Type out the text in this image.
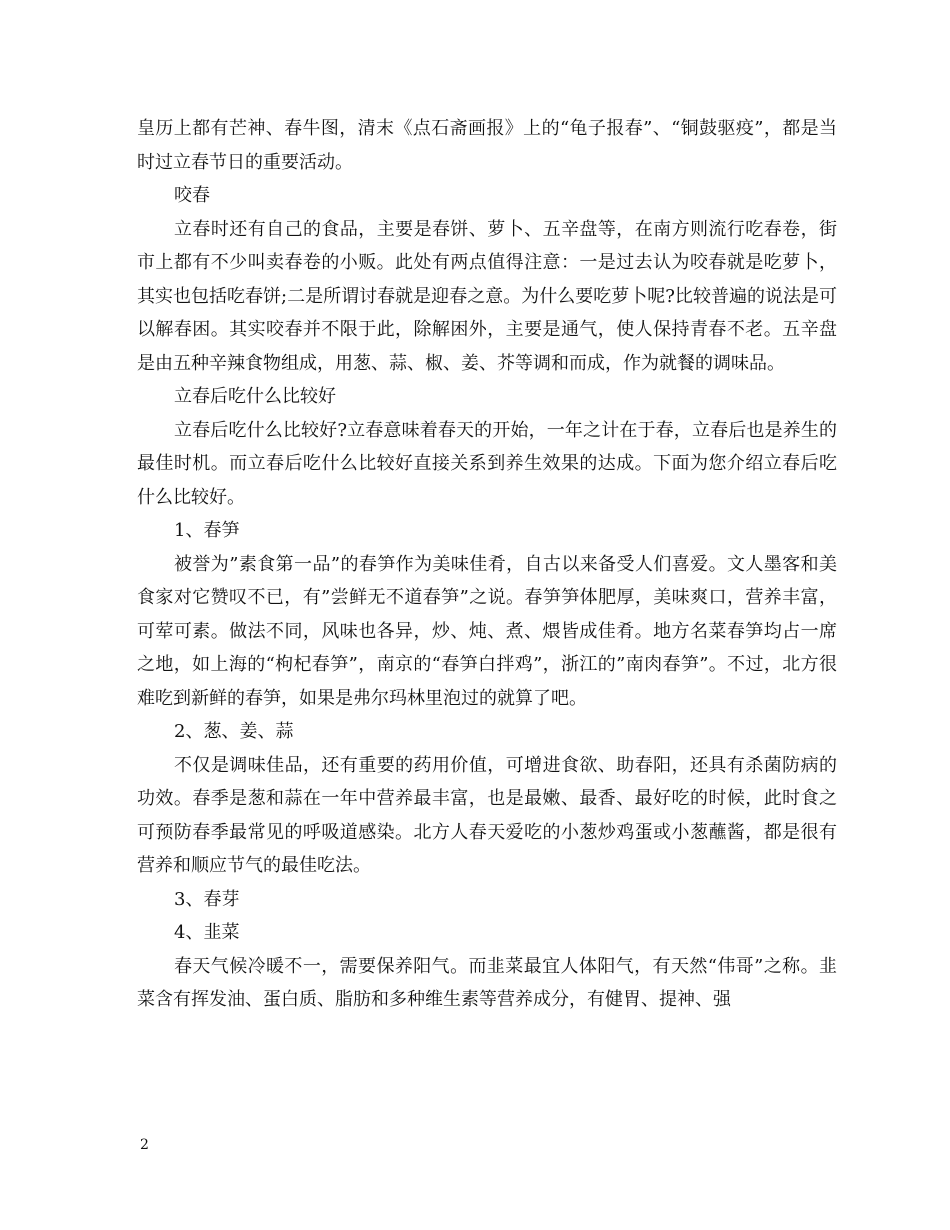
皇历上都有芒神、春牛图，清末《点石斋画报》上的“龟子报春”、“铜鼓驱疫”，都是当时过立春节日的重要活动。

咬春

立春时还有自己的食品，主要是春饼、萝卜、五辛盘等，在南方则流行吃春卷，街市上都有不少叫卖春卷的小贩。此处有两点值得注意：一是过去认为咬春就是吃萝卜，其实也包括吃春饼;二是所谓讨春就是迎春之意。为什么要吃萝卜呢?比较普遍的说法是可以解春困。其实咬春并不限于此，除解困外，主要是通气，使人保持青春不老。五辛盘是由五种辛辣食物组成，用葱、蒜、椒、姜、芥等调和而成，作为就餐的调味品。

立春后吃什么比较好

立春后吃什么比较好?立春意味着春天的开始，一年之计在于春，立春后也是养生的最佳时机。而立春后吃什么比较好直接关系到养生效果的达成。下面为您介绍立春后吃什么比较好。

1、春笋

被誉为”素食第一品”的春笋作为美味佳肴，自古以来备受人们喜爱。文人墨客和美食家对它赞叹不已，有”尝鲜无不道春笋”之说。春笋笋体肥厚，美味爽口，营养丰富，可荤可素。做法不同，风味也各异，炒、炖、煮、煨皆成佳肴。地方名菜春笋均占一席之地，如上海的“枸杞春笋”，南京的“春笋白拌鸡”，浙江的”南肉春笋”。不过，北方很难吃到新鲜的春笋，如果是弗尔玛林里泡过的就算了吧。

2、葱、姜、蒜

不仅是调味佳品，还有重要的药用价值，可增进食欲、助春阳，还具有杀菌防病的功效。春季是葱和蒜在一年中营养最丰富，也是最嫩、最香、最好吃的时候，此时食之可预防春季最常见的呼吸道感染。北方人春天爱吃的小葱炒鸡蛋或小葱蘸酱，都是很有营养和顺应节气的最佳吃法。

3、春芽

4、韭菜

春天气候冷暖不一，需要保养阳气。而韭菜最宜人体阳气，有天然“伟哥”之称。韭菜含有挥发油、蛋白质、脂肪和多种维生素等营养成分，有健胃、提神、强

2
